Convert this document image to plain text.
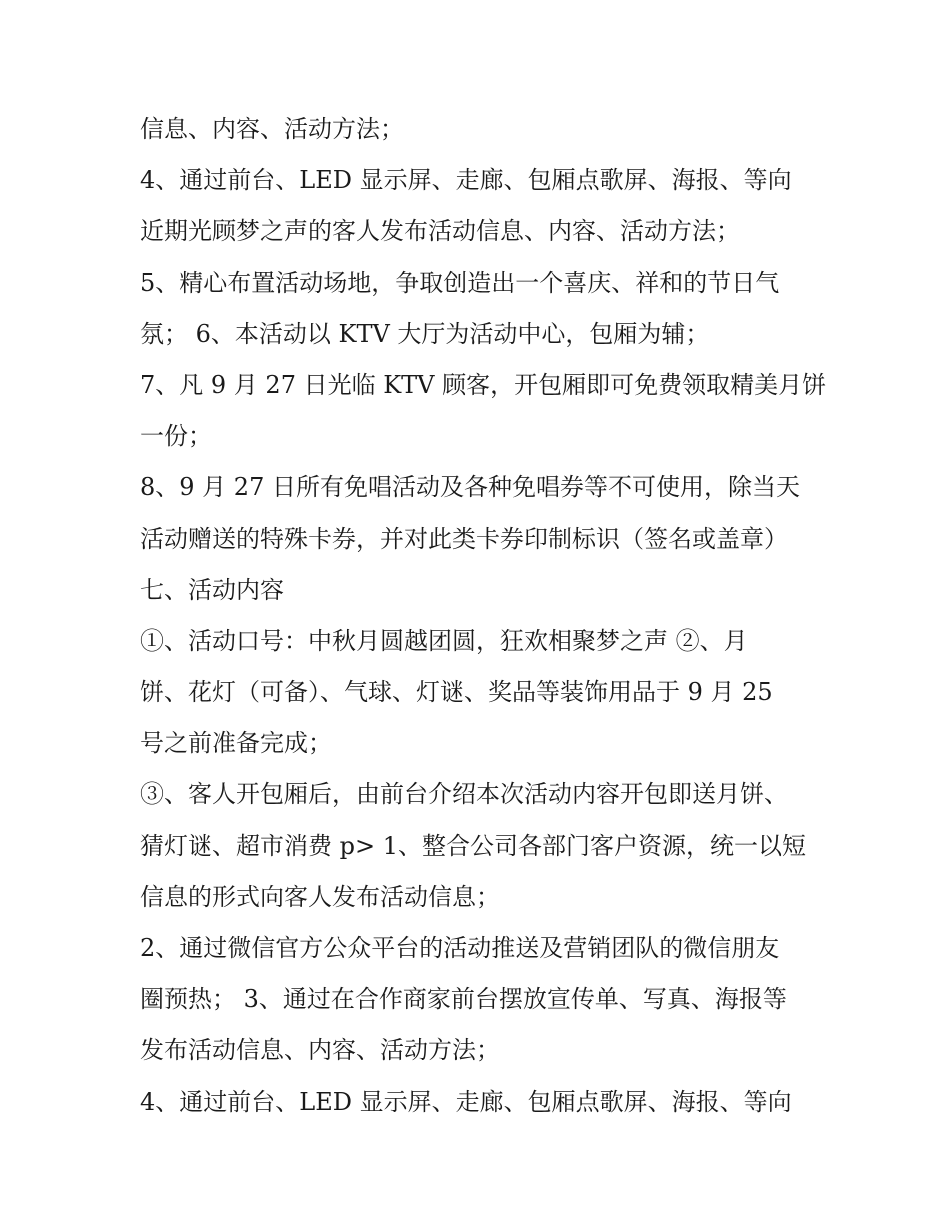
信息、内容、活动方法；
4、通过前台、LED 显示屏、走廊、包厢点歌屏、海报、等向
近期光顾梦之声的客人发布活动信息、内容、活动方法；
5、精心布置活动场地，争取创造出一个喜庆、祥和的节日气
氛； 6、本活动以 KTV 大厅为活动中心，包厢为辅；
7、凡 9 月 27 日光临 KTV 顾客，开包厢即可免费领取精美月饼
一份；
8、9 月 27 日所有免唱活动及各种免唱券等不可使用，除当天
活动赠送的特殊卡券，并对此类卡券印制标识（签名或盖章）
七、活动内容
①、活动口号：中秋月圆越团圆，狂欢相聚梦之声 ②、月
饼、花灯（可备）、气球、灯谜、奖品等装饰用品于 9 月 25
号之前准备完成；
③、客人开包厢后，由前台介绍本次活动内容开包即送月饼、
猜灯谜、超市消费 p> 1、整合公司各部门客户资源，统一以短
信息的形式向客人发布活动信息；
2、通过微信官方公众平台的活动推送及营销团队的微信朋友
圈预热； 3、通过在合作商家前台摆放宣传单、写真、海报等
发布活动信息、内容、活动方法；
4、通过前台、LED 显示屏、走廊、包厢点歌屏、海报、等向
